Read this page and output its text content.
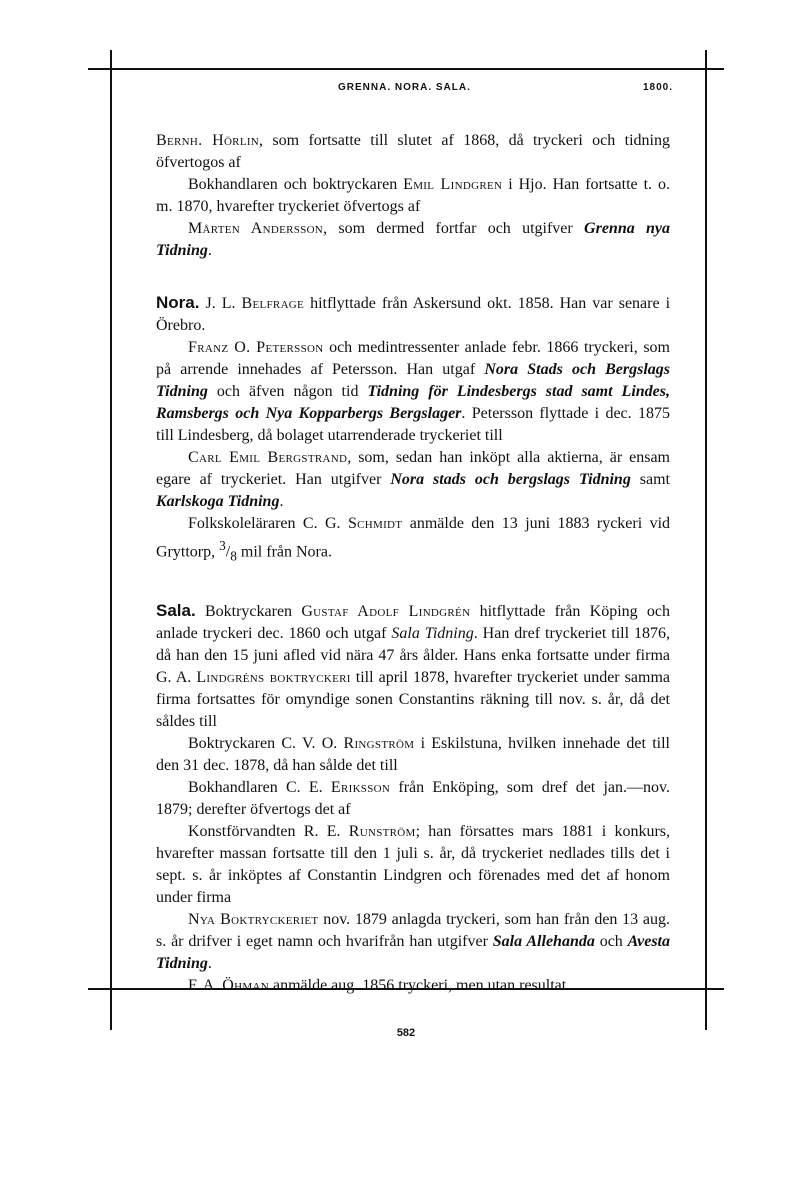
GRENNA. NORA. SALA.	1800.

Bernh. Hörlin, som fortsatte till slutet af 1868, då tryckeri och tidning öfvertogos af

Bokhandlaren och boktryckaren Emil Lindgren i Hjo. Han fortsatte t. o. m. 1870, hvarefter tryckeriet öfvertogs af

Mårten Andersson, som dermed fortfar och utgifver Grenna nya Tidning.

Nora. J. L. Belfrage hitflyttade från Askersund okt. 1858. Han var senare i Örebro.

Franz O. Petersson och medintressenter anlade febr. 1866 tryckeri, som på arrende innehades af Petersson. Han utgaf Nora Stads och Bergslags Tidning och äfven någon tid Tidning för Lindesbergs stad samt Lindes, Ramsbergs och Nya Kopparbergs Bergslager. Petersson flyttade i dec. 1875 till Lindesberg, då bolaget utarrenderade tryckeriet till

Carl Emil Bergstrand, som, sedan han inköpt alla aktierna, är ensam egare af tryckeriet. Han utgifver Nora stads och bergslags Tidning samt Karlskoga Tidning.

Folkskoleläraren C. G. Schmidt anmälde den 13 juni 1883 ryckeri vid Gryttorp, $^3/_8$ mil från Nora.

Sala. Boktryckaren Gustaf Adolf Lindgrén hitflyttade från Köping och anlade tryckeri dec. 1860 och utgaf Sala Tidning. Han dref tryckeriet till 1876, då han den 15 juni afled vid nära 47 års ålder. Hans enka fortsatte under firma G. A. Lindgréns boktryckeri till april 1878, hvarefter tryckeriet under samma firma fortsattes för omyndige sonen Constantins räkning till nov. s. år, då det såldes till

Boktryckaren C. V. O. Ringström i Eskilstuna, hvilken innehade det till den 31 dec. 1878, då han sålde det till

Bokhandlaren C. E. Eriksson från Enköping, som dref det jan.—nov. 1879; derefter öfvertogs det af

Konstförvandten R. E. Runström; han försattes mars 1881 i konkurs, hvarefter massan fortsatte till den 1 juli s. år, då tryckeriet nedlades tills det i sept. s. år inköptes af Constantin Lindgren och förenades med det af honom under firma

Nya Boktryckeriet nov. 1879 anlagda tryckeri, som han från den 13 aug. s. år drifver i eget namn och hvarifrån han utgifver Sala Allehanda och Avesta Tidning.

F. A. Öhman anmälde aug. 1856 tryckeri, men utan resultat.

582
